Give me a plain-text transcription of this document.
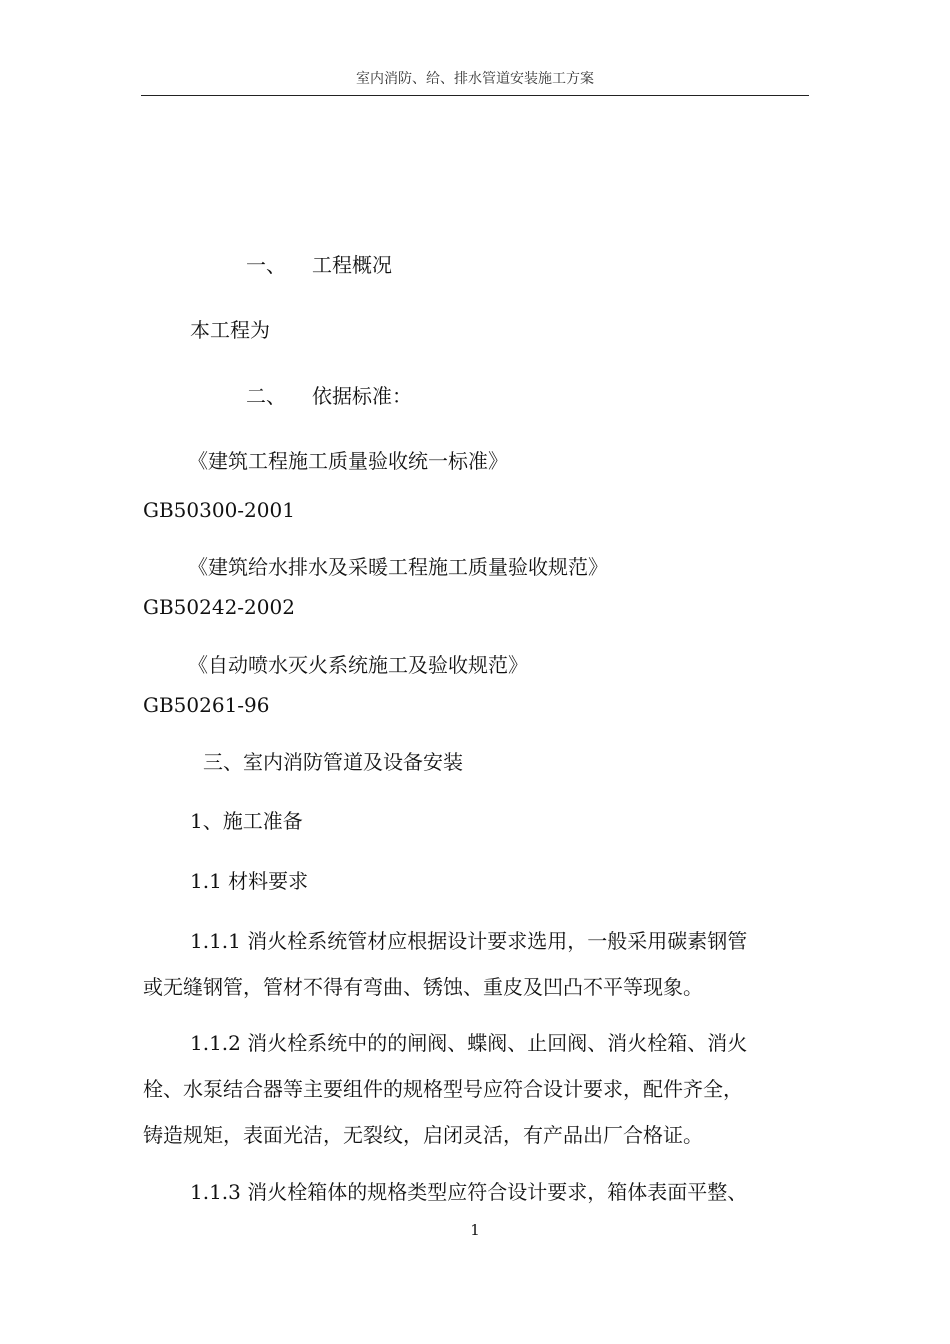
室内消防、给、排水管道安装施工方案
一、 工程概况
本工程为
二、 依据标准：
《建筑工程施工质量验收统一标准》
GB50300-2001
《建筑给水排水及采暖工程施工质量验收规范》
GB50242-2002
《自动喷水灭火系统施工及验收规范》
GB50261-96
三、室内消防管道及设备安装
1、施工准备
1.1 材料要求
1.1.1 消火栓系统管材应根据设计要求选用，一般采用碳素钢管
或无缝钢管，管材不得有弯曲、锈蚀、重皮及凹凸不平等现象。
1.1.2 消火栓系统中的的闸阀、蝶阀、止回阀、消火栓箱、消火
栓、水泵结合器等主要组件的规格型号应符合设计要求，配件齐全，
铸造规矩，表面光洁，无裂纹，启闭灵活，有产品出厂合格证。
1.1.3 消火栓箱体的规格类型应符合设计要求，箱体表面平整、
1
